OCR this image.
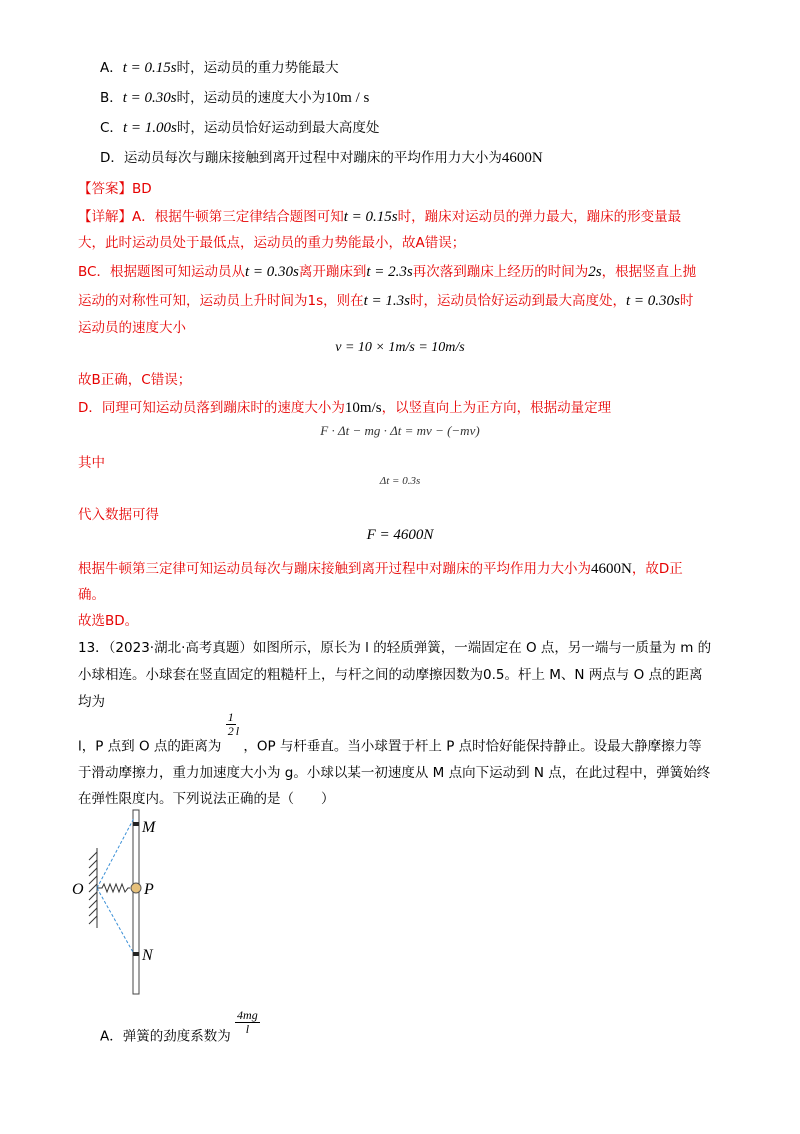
A．t = 0.15s时，运动员的重力势能最大
B．t = 0.30s时，运动员的速度大小为10m / s
C．t = 1.00s时，运动员恰好运动到最大高度处
D．运动员每次与蹦床接触到离开过程中对蹦床的平均作用力大小为4600N
【答案】BD
【详解】A．根据牛顿第三定律结合题图可知t = 0.15s时，蹦床对运动员的弹力最大，蹦床的形变量最
大，此时运动员处于最低点，运动员的重力势能最小，故A错误；
BC．根据题图可知运动员从t = 0.30s离开蹦床到t = 2.3s再次落到蹦床上经历的时间为2s，根据竖直上抛
运动的对称性可知，运动员上升时间为1s，则在t = 1.3s时，运动员恰好运动到最大高度处，t = 0.30s时
运动员的速度大小
v = 10 × 1m/s = 10m/s
故B正确，C错误；
D．同理可知运动员落到蹦床时的速度大小为10m/s，以竖直向上为正方向，根据动量定理
F · Δt − mg · Δt = mv − (−mv)
其中
Δt = 0.3s
代入数据可得
F = 4600N
根据牛顿第三定律可知运动员每次与蹦床接触到离开过程中对蹦床的平均作用力大小为4600N，故D正
确。
故选BD。
13．（2023·湖北·高考真题）如图所示，原长为 l 的轻质弹簧，一端固定在 O 点，另一端与一质量为 m 的
小球相连。小球套在竖直固定的粗糙杆上，与杆之间的动摩擦因数为0.5。杆上 M、N 两点与 O 点的距离
均为
l，P 点到 O 点的距离为
$\frac{1}{2}$ l ，OP 与杆垂直。当小球置于杆上 P 点时恰好能保持静止。设最大静摩擦力等
于滑动摩擦力，重力加速度大小为 g。小球以某一初速度从 M 点向下运动到 N 点，在此过程中，弹簧始终
在弹性限度内。下列说法正确的是（　　）
M
O	P
N
A．弹簧的劲度系数为
$\frac{4mg}{l}$
